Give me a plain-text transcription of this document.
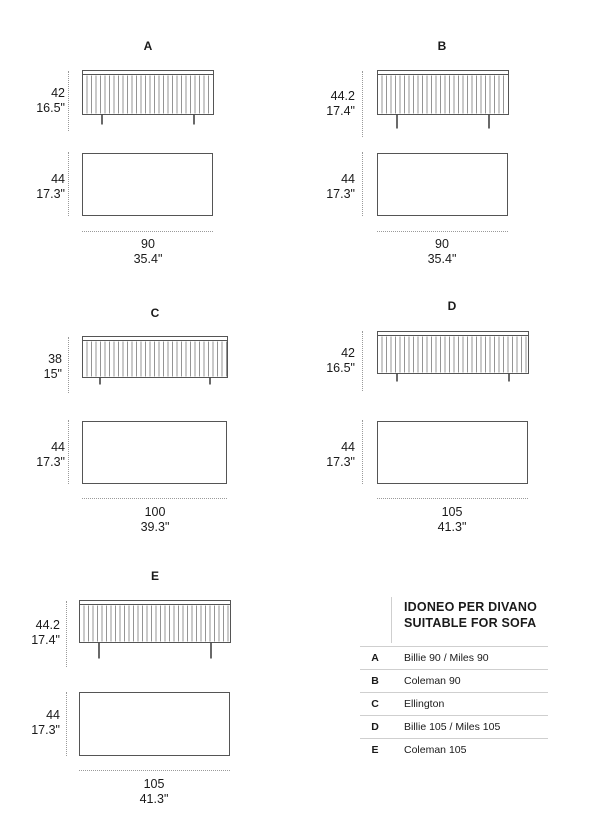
A
42
16.5"
44
17.3"
90
35.4"
B
44.2
17.4"
44
17.3"
90
35.4"
C
38
15"
44
17.3"
100
39.3"
D
42
16.5"
44
17.3"
105
41.3"
E
44.2
17.4"
44
17.3"
105
41.3"
IDONEO PER DIVANO
SUITABLE FOR SOFA
A	Billie 90 / Miles 90
B	Coleman 90
C	Ellington
D	Billie 105 / Miles 105
E	Coleman 105
